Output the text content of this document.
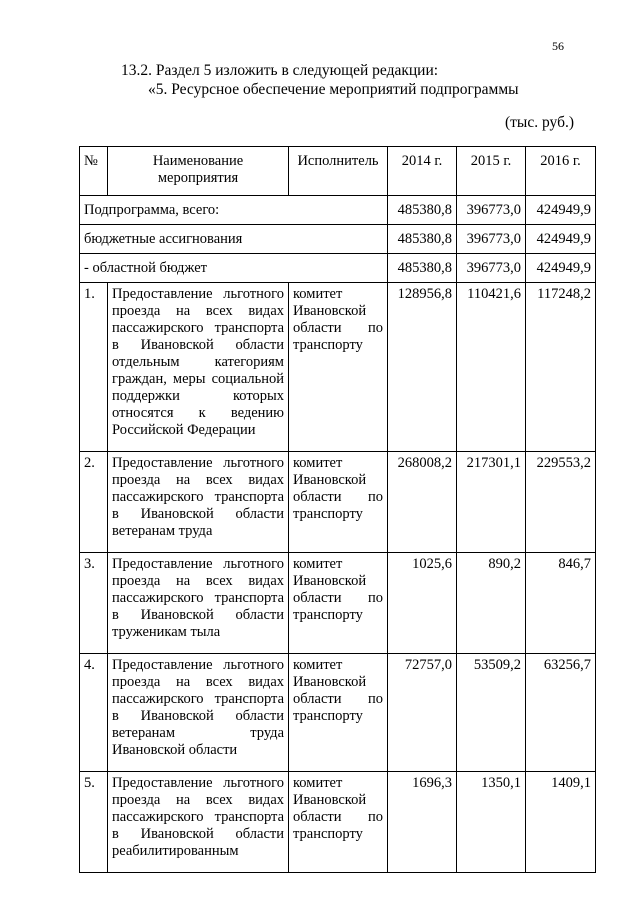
56
13.2. Раздел 5 изложить в следующей редакции:
«5. Ресурсное обеспечение мероприятий подпрограммы
(тыс. руб.)
№	Наименование мероприятия	Исполнитель	2014 г.	2015 г.	2016 г.
Подпрограмма, всего:			485380,8	396773,0	424949,9
бюджетные ассигнования			485380,8	396773,0	424949,9
- областной бюджет			485380,8	396773,0	424949,9
1.	Предоставление льготного проезда на всех видах пассажирского транспорта в Ивановской области отдельным категориям граждан, меры социальной поддержки которых относятся к ведению Российской Федерации	комитет Ивановской области по транспорту	128956,8	110421,6	117248,2
2.	Предоставление льготного проезда на всех видах пассажирского транспорта в Ивановской области ветеранам труда	комитет Ивановской области по транспорту	268008,2	217301,1	229553,2
3.	Предоставление льготного проезда на всех видах пассажирского транспорта в Ивановской области труженикам тыла	комитет Ивановской области по транспорту	1025,6	890,2	846,7
4.	Предоставление льготного проезда на всех видах пассажирского транспорта в Ивановской области ветеранам труда Ивановской области	комитет Ивановской области по транспорту	72757,0	53509,2	63256,7
5.	Предоставление льготного проезда на всех видах пассажирского транспорта в Ивановской области реабилитированным	комитет Ивановской области по транспорту	1696,3	1350,1	1409,1
